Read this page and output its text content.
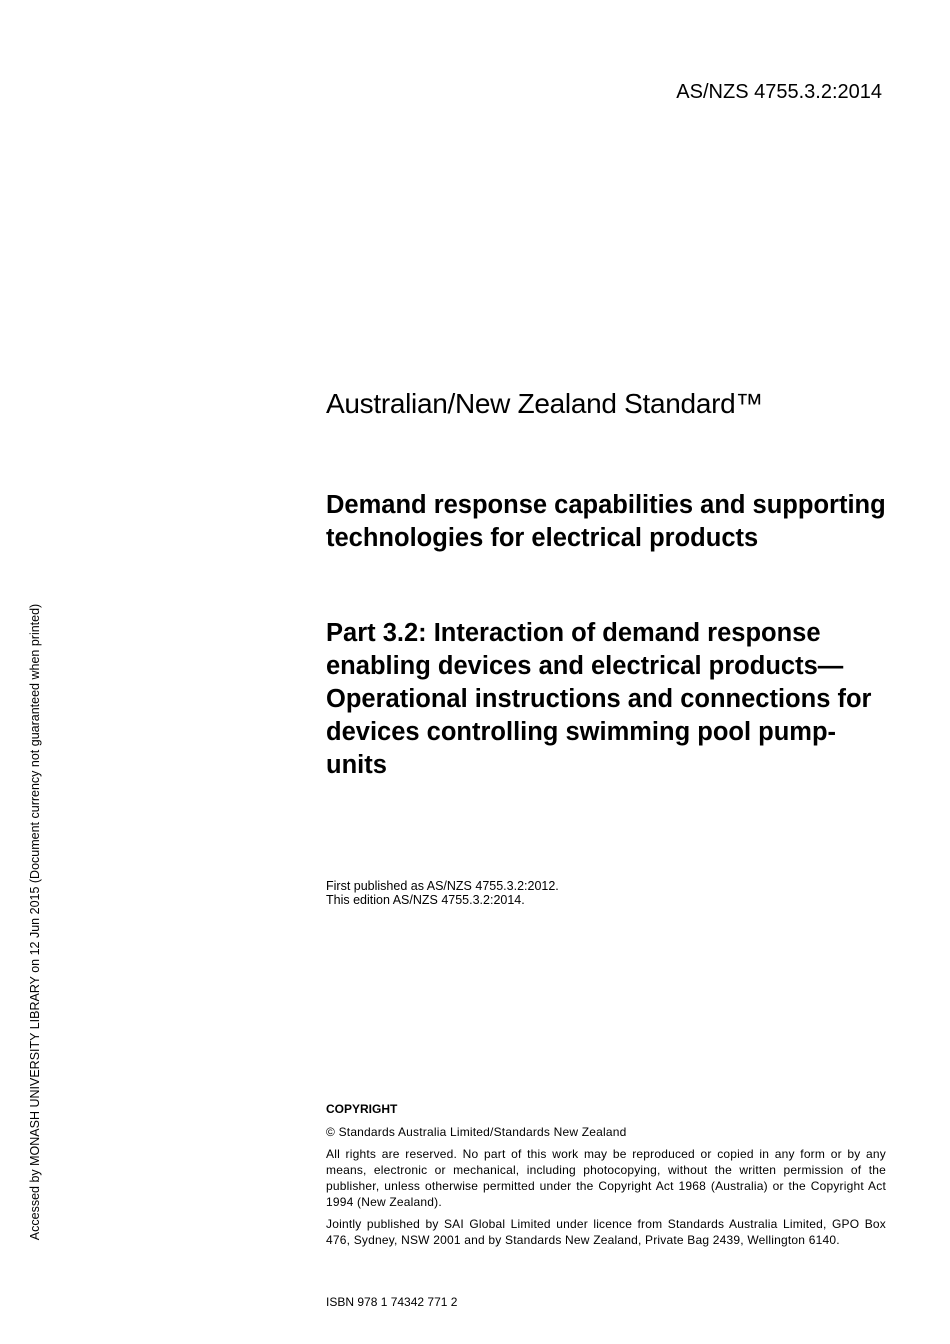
AS/NZS 4755.3.2:2014
Accessed by MONASH UNIVERSITY LIBRARY on 12 Jun 2015 (Document currency not guaranteed when printed)
Australian/New Zealand Standard™
Demand response capabilities and supporting technologies for electrical products
Part 3.2: Interaction of demand response enabling devices and electrical products—Operational instructions and connections for devices controlling swimming pool pump-units
First published as AS/NZS 4755.3.2:2012.
This edition AS/NZS 4755.3.2:2014.
COPYRIGHT

© Standards Australia Limited/Standards New Zealand

All rights are reserved. No part of this work may be reproduced or copied in any form or by any means, electronic or mechanical, including photocopying, without the written permission of the publisher, unless otherwise permitted under the Copyright Act 1968 (Australia) or the Copyright Act 1994 (New Zealand).

Jointly published by SAI Global Limited under licence from Standards Australia Limited, GPO Box 476, Sydney, NSW 2001 and by Standards New Zealand, Private Bag 2439, Wellington 6140.

ISBN 978 1 74342 771 2
